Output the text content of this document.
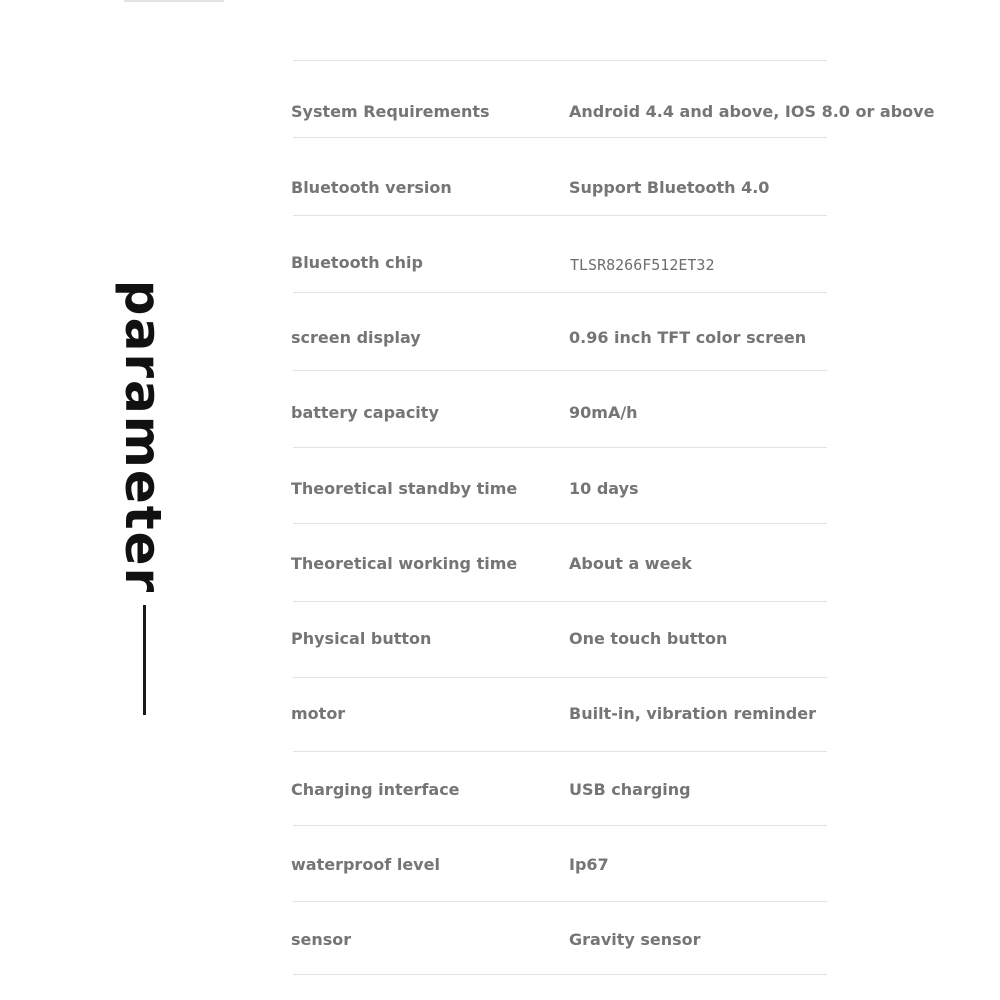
parameter
System Requirements	Android 4.4 and above, IOS 8.0 or above
Bluetooth version	Support Bluetooth 4.0
Bluetooth chip	TLSR8266F512ET32
screen display	0.96 inch TFT color screen
battery capacity	90mA/h
Theoretical standby time	10 days
Theoretical working time	About a week
Physical button	One touch button
motor	Built-in, vibration reminder
Charging interface	USB charging
waterproof level	Ip67
sensor	Gravity sensor
